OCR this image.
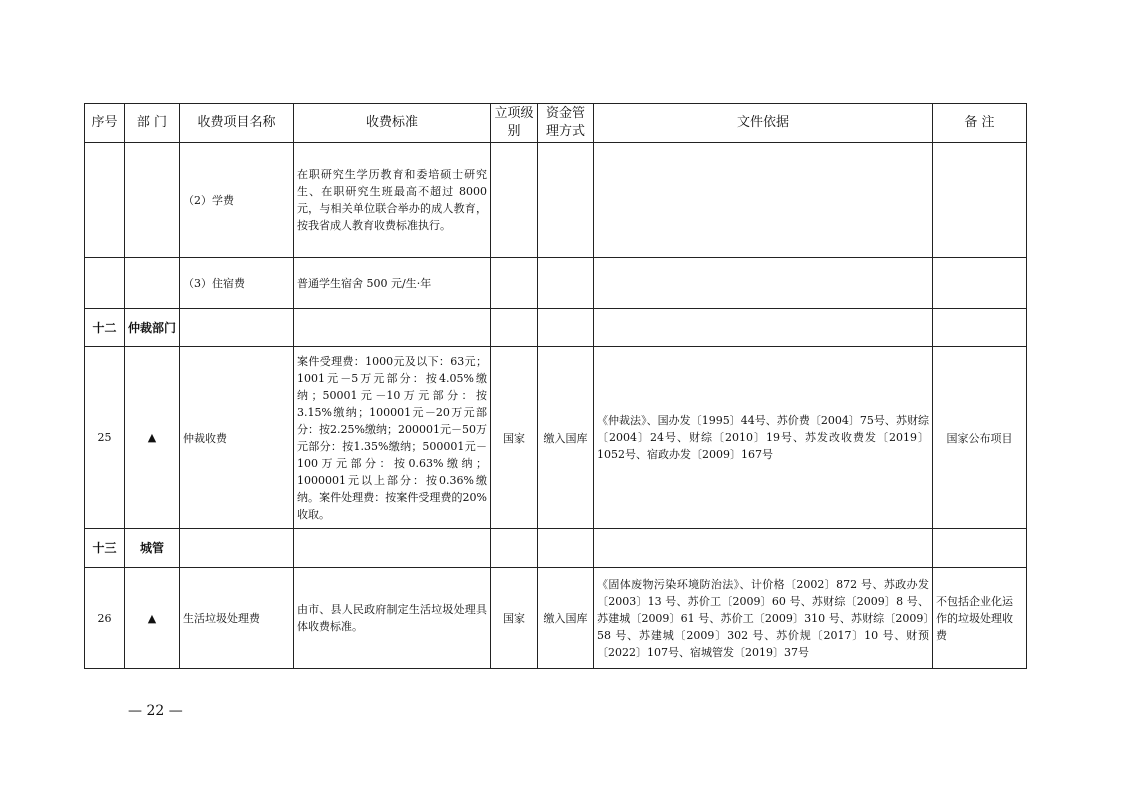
序号	部 门	收费项目名称	收费标准	立项级别	资金管理方式	文件依据	备 注
		（2）学费	在职研究生学历教育和委培硕士研究生、在职研究生班最高不超过 8000 元，与相关单位联合举办的成人教育，按我省成人教育收费标准执行。				
		（3）住宿费	普通学生宿舍 500 元/生·年				
十二	仲裁部门						
25	▲	仲裁收费	案件受理费：1000元及以下：63元；1001元－5万元部分：按4.05%缴纳；50001元－10万元部分：按3.15%缴纳；100001元－20万元部分：按2.25%缴纳；200001元－50万元部分：按1.35%缴纳；500001元－100万元部分：按0.63%缴纳；1000001元以上部分：按0.36%缴纳。案件处理费：按案件受理费的20%收取。	国家	缴入国库	《仲裁法》、国办发〔1995〕44号、苏价费〔2004〕75号、苏财综〔2004〕24号、财综〔2010〕19号、苏发改收费发〔2019〕1052号、宿政办发〔2009〕167号	国家公布项目
十三	城管						
26	▲	生活垃圾处理费	由市、县人民政府制定生活垃圾处理具体收费标准。	国家	缴入国库	《固体废物污染环境防治法》、计价格〔2002〕872 号、苏政办发〔2003〕13 号、苏价工〔2009〕60 号、苏财综〔2009〕8 号、苏建城〔2009〕61 号、苏价工〔2009〕310 号、苏财综〔2009〕58 号、苏建城〔2009〕302 号、苏价规〔2017〕10 号、财预〔2022〕107号、宿城管发〔2019〕37号	不包括企业化运作的垃圾处理收费
— 22 —
